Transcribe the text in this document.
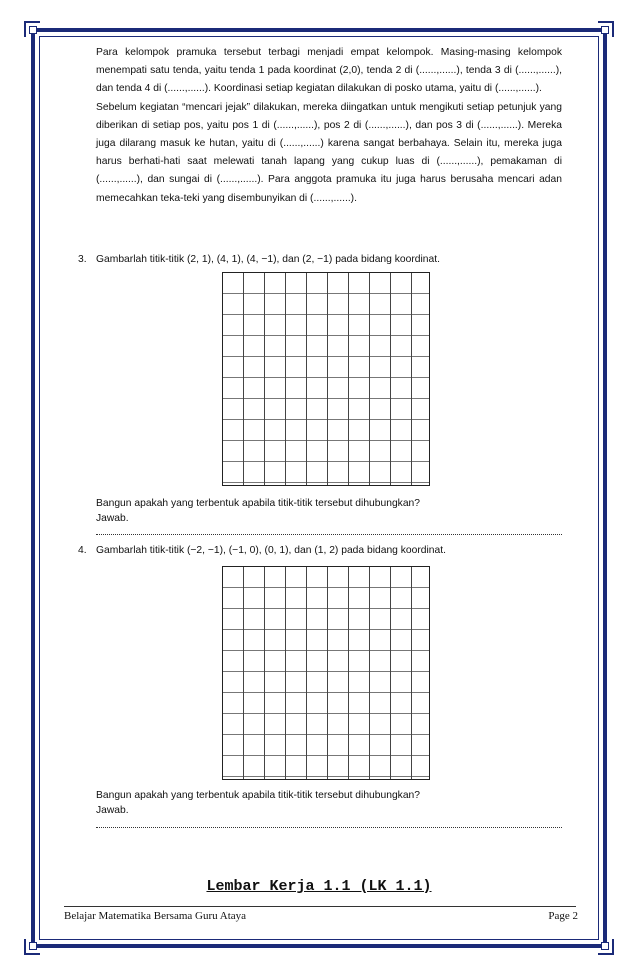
Para kelompok pramuka tersebut terbagi menjadi empat kelompok. Masing-masing kelompok menempati satu tenda, yaitu tenda 1 pada koordinat (2,0), tenda 2 di (......,......), tenda 3 di (......,......), dan tenda 4 di (......,......). Koordinasi setiap kegiatan dilakukan di posko utama, yaitu di (......,......).

Sebelum kegiatan “mencari jejak” dilakukan, mereka diingatkan untuk mengikuti setiap petunjuk yang diberikan di setiap pos, yaitu pos 1 di (......,......), pos 2 di (......,......), dan pos 3 di (......,......). Mereka juga dilarang masuk ke hutan, yaitu di (......,......) karena sangat berbahaya. Selain itu, mereka juga harus berhati-hati saat melewati tanah lapang yang cukup luas di (......,......), pemakaman di (......,......), dan sungai di (......,......). Para anggota pramuka itu juga harus berusaha mencari adan memecahkan teka-teki yang disembunyikan di (......,......).

3. Gambarlah titik-titik (2, 1), (4, 1), (4, −1), dan (2, −1) pada bidang koordinat.
Bangun apakah yang terbentuk apabila titik-titik tersebut dihubungkan?
Jawab.
4. Gambarlah titik-titik (−2, −1), (−1, 0), (0, 1), dan (1, 2) pada bidang koordinat.
Bangun apakah yang terbentuk apabila titik-titik tersebut dihubungkan?
Jawab.
Lembar Kerja 1.1 (LK 1.1)
Belajar Matematika Bersama Guru Ataya	Page 2
